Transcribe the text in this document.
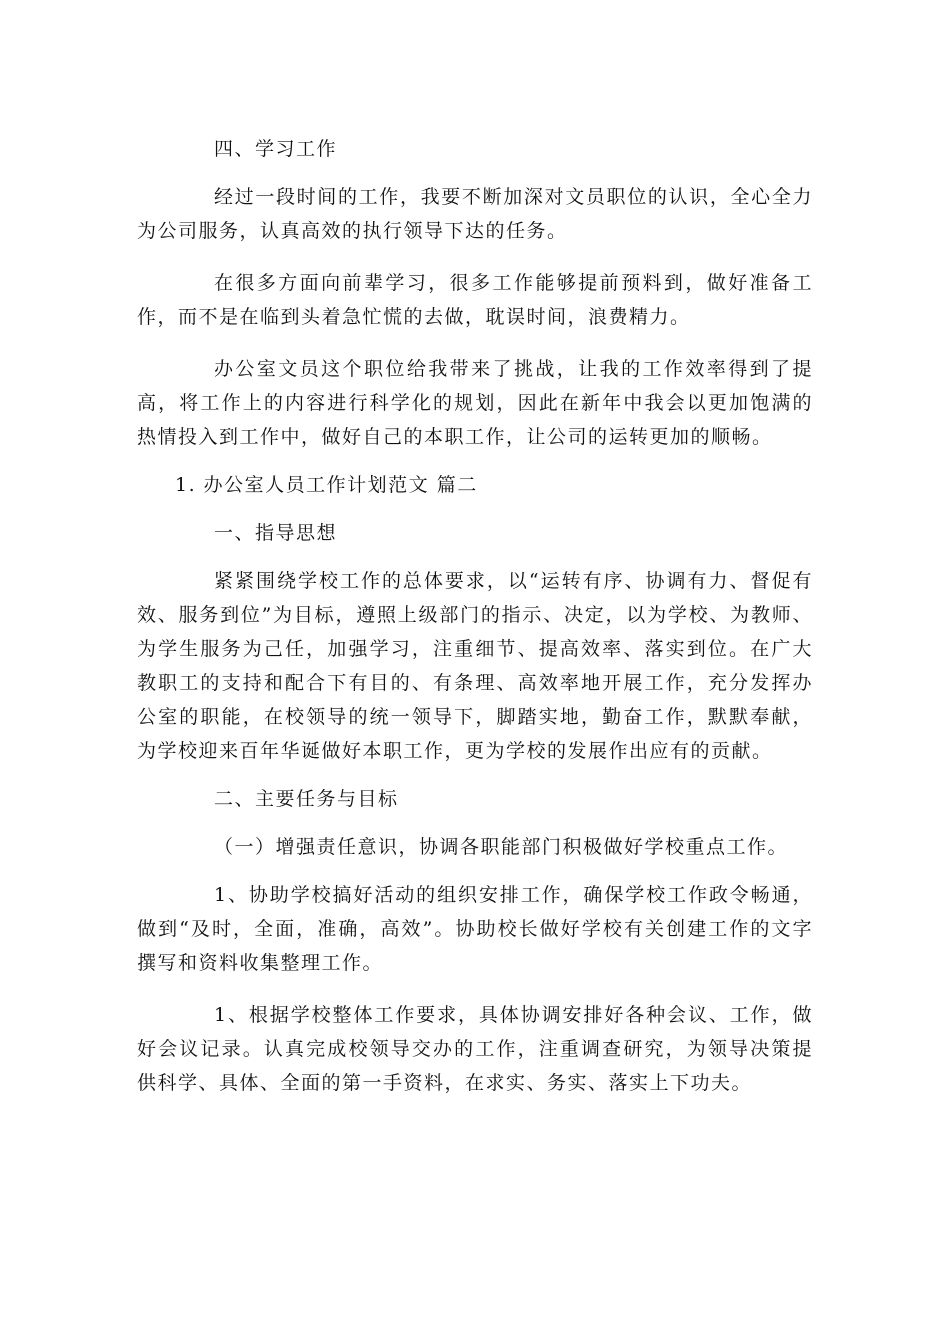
四、学习工作

经过一段时间的工作，我要不断加深对文员职位的认识，全心全力为公司服务，认真高效的执行领导下达的任务。

在很多方面向前辈学习，很多工作能够提前预料到，做好准备工作，而不是在临到头着急忙慌的去做，耽误时间，浪费精力。

办公室文员这个职位给我带来了挑战，让我的工作效率得到了提高，将工作上的内容进行科学化的规划，因此在新年中我会以更加饱满的热情投入到工作中，做好自己的本职工作，让公司的运转更加的顺畅。

1. 办公室人员工作计划范文 篇二

一、指导思想

紧紧围绕学校工作的总体要求，以“运转有序、协调有力、督促有效、服务到位”为目标，遵照上级部门的指示、决定，以为学校、为教师、为学生服务为己任，加强学习，注重细节、提高效率、落实到位。在广大教职工的支持和配合下有目的、有条理、高效率地开展工作，充分发挥办公室的职能，在校领导的统一领导下，脚踏实地，勤奋工作，默默奉献，为学校迎来百年华诞做好本职工作，更为学校的发展作出应有的贡献。

二、主要任务与目标

（一）增强责任意识，协调各职能部门积极做好学校重点工作。

1、协助学校搞好活动的组织安排工作，确保学校工作政令畅通，做到“及时，全面，准确，高效”。协助校长做好学校有关创建工作的文字撰写和资料收集整理工作。

1、根据学校整体工作要求，具体协调安排好各种会议、工作，做好会议记录。认真完成校领导交办的工作，注重调查研究，为领导决策提供科学、具体、全面的第一手资料，在求实、务实、落实上下功夫。
